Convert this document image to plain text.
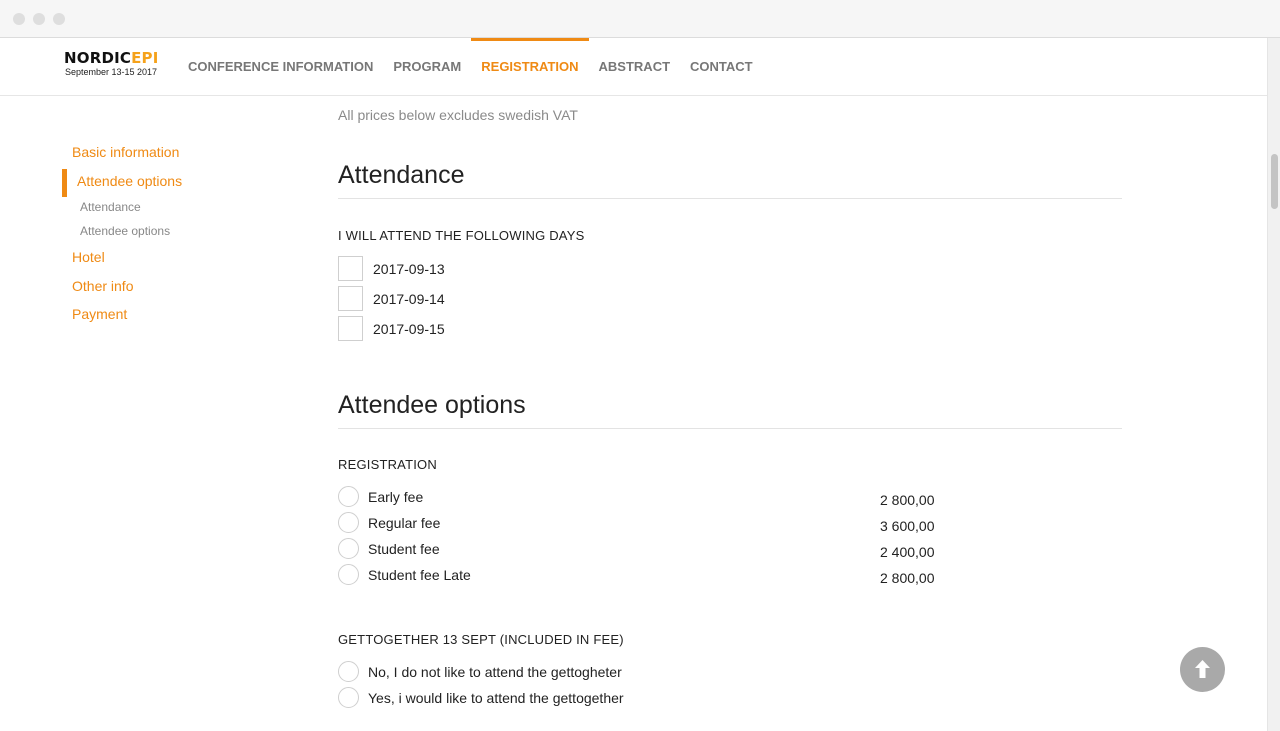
NORDICEPI
September 13-15 2017	CONFERENCE INFORMATION	PROGRAM	REGISTRATION	ABSTRACT	CONTACT
Basic information
Attendee options
Attendance
Attendee options
Hotel
Other info
Payment
All prices below excludes swedish VAT
Attendance
I WILL ATTEND THE FOLLOWING DAYS
2017-09-13
2017-09-14
2017-09-15
Attendee options
REGISTRATION
Early fee	2 800,00
Regular fee	3 600,00
Student fee	2 400,00
Student fee Late	2 800,00
GETTOGETHER 13 SEPT (INCLUDED IN FEE)
No, I do not like to attend the gettogheter
Yes, i would like to attend the gettogether
